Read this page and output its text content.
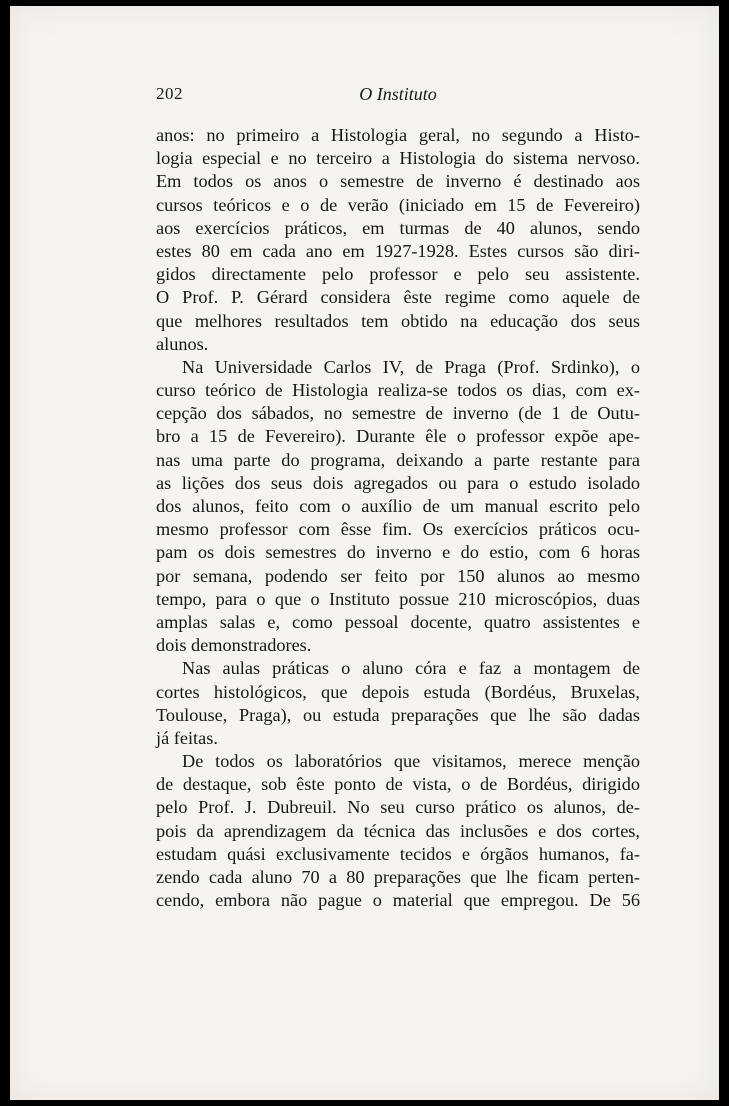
202	O Instituto
anos: no primeiro a Histologia geral, no segundo a Histo-
logia especial e no terceiro a Histologia do sistema nervoso.
Em todos os anos o semestre de inverno é destinado aos
cursos teóricos e o de verão (iniciado em 15 de Fevereiro)
aos exercícios práticos, em turmas de 40 alunos, sendo
estes 80 em cada ano em 1927-1928. Estes cursos são diri-
gidos directamente pelo professor e pelo seu assistente.
O Prof. P. Gérard considera êste regime como aquele de
que melhores resultados tem obtido na educação dos seus
alunos.
Na Universidade Carlos IV, de Praga (Prof. Srdinko), o
curso teórico de Histologia realiza-se todos os dias, com ex-
cepção dos sábados, no semestre de inverno (de 1 de Outu-
bro a 15 de Fevereiro). Durante êle o professor expõe ape-
nas uma parte do programa, deixando a parte restante para
as lições dos seus dois agregados ou para o estudo isolado
dos alunos, feito com o auxílio de um manual escrito pelo
mesmo professor com êsse fim. Os exercícios práticos ocu-
pam os dois semestres do inverno e do estio, com 6 horas
por semana, podendo ser feito por 150 alunos ao mesmo
tempo, para o que o Instituto possue 210 microscópios, duas
amplas salas e, como pessoal docente, quatro assistentes e
dois demonstradores.
Nas aulas práticas o aluno córa e faz a montagem de
cortes histológicos, que depois estuda (Bordéus, Bruxelas,
Toulouse, Praga), ou estuda preparações que lhe são dadas
já feitas.
De todos os laboratórios que visitamos, merece menção
de destaque, sob êste ponto de vista, o de Bordéus, dirigido
pelo Prof. J. Dubreuil. No seu curso prático os alunos, de-
pois da aprendizagem da técnica das inclusões e dos cortes,
estudam quási exclusivamente tecidos e órgãos humanos, fa-
zendo cada aluno 70 a 80 preparações que lhe ficam perten-
cendo, embora não pague o material que empregou. De 56
